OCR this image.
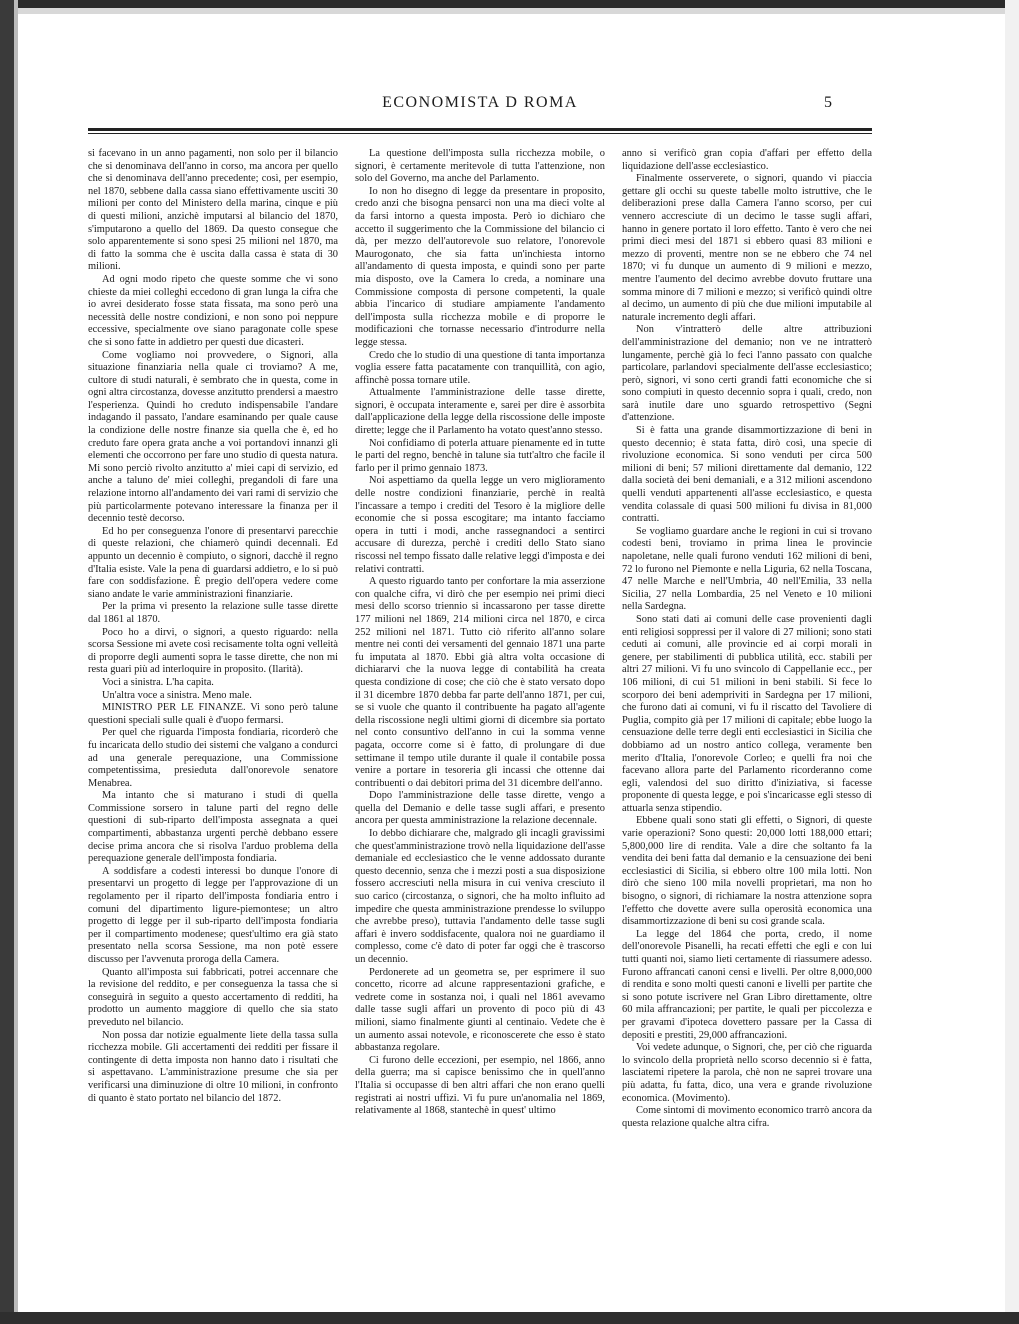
ECONOMISTA D ROMA	5

si facevano in un anno pagamenti, non solo per il bilancio che si denominava dell'anno in corso, ma ancora per quello che si denominava dell'anno precedente; così, per esempio, nel 1870, sebbene dalla cassa siano effettivamente usciti 30 milioni per conto del Ministero della marina, cinque e più di questi milioni, anzichè imputarsi al bilancio del 1870, s'imputarono a quello del 1869. Da questo consegue che solo apparentemente si sono spesi 25 milioni nel 1870, ma di fatto la somma che è uscita dalla cassa è stata di 30 milioni.

Ad ogni modo ripeto che queste somme che vi sono chieste da miei colleghi eccedono di gran lunga la cifra che io avrei desiderato fosse stata fissata, ma sono però una necessità delle nostre condizioni, e non sono poi neppure eccessive, specialmente ove siano paragonate colle spese che si sono fatte in addietro per questi due dicasteri.

Come vogliamo noi provvedere, o Signori, alla situazione finanziaria nella quale ci troviamo? A me, cultore di studi naturali, è sembrato che in questa, come in ogni altra circostanza, dovesse anzitutto prendersi a maestro l'esperienza. Quindi ho creduto indispensabile l'andare indagando il passato, l'andare esaminando per quale cause la condizione delle nostre finanze sia quella che è, ed ho creduto fare opera grata anche a voi portandovi innanzi gli elementi che occorrono per fare uno studio di questa natura. Mi sono perciò rivolto anzitutto a' miei capi di servizio, ed anche a taluno de' miei colleghi, pregandoli di fare una relazione intorno all'andamento dei vari rami di servizio che più particolarmente potevano interessare la finanza per il decennio testè decorso.

Ed ho per conseguenza l'onore di presentarvi parecchie di queste relazioni, che chiamerò quindi decennali. Ed appunto un decennio è compiuto, o signori, dacchè il regno d'Italia esiste. Vale la pena di guardarsi addietro, e lo si può fare con soddisfazione. È pregio dell'opera vedere come siano andate le varie amministrazioni finanziarie.

Per la prima vi presento la relazione sulle tasse dirette dal 1861 al 1870.

Poco ho a dirvi, o signori, a questo riguardo: nella scorsa Sessione mi avete così recisamente tolta ogni velleità di proporre degli aumenti sopra le tasse dirette, che non mi resta guari più ad interloquire in proposito. (Ilarità).

Voci a sinistra. L'ha capita.

Un'altra voce a sinistra. Meno male.

MINISTRO PER LE FINANZE. Vi sono però talune questioni speciali sulle quali è d'uopo fermarsi.

Per quel che riguarda l'imposta fondiaria, ricorderò che fu incaricata dello studio dei sistemi che valgano a condurci ad una generale perequazione, una Commissione competentissima, presieduta dall'onorevole senatore Menabrea.

Ma intanto che si maturano i studi di quella Commissione sorsero in talune parti del regno delle questioni di sub-riparto dell'imposta assegnata a quei compartimenti, abbastanza urgenti perchè debbano essere decise prima ancora che si risolva l'arduo problema della perequazione generale dell'imposta fondiaria.

A soddisfare a codesti interessi bo dunque l'onore di presentarvi un progetto di legge per l'approvazione di un regolamento per il riparto dell'imposta fondiaria entro i comuni del dipartimento ligure-piemontese; un altro progetto di legge per il sub-riparto dell'imposta fondiaria per il compartimento modenese; quest'ultimo era già stato presentato nella scorsa Sessione, ma non potè essere discusso per l'avvenuta proroga della Camera.

Quanto all'imposta sui fabbricati, potrei accennare che la revisione del reddito, e per conseguenza la tassa che si conseguirà in seguito a questo accertamento di redditi, ha prodotto un aumento maggiore di quello che sia stato preveduto nel bilancio.

Non possa dar notizie egualmente liete della tassa sulla ricchezza mobile. Gli accertamenti dei redditi per fissare il contingente di detta imposta non hanno dato i risultati che si aspettavano. L'amministrazione presume che sia per verificarsi una diminuzione di oltre 10 milioni, in confronto di quanto è stato portato nel bilancio del 1872.

La questione dell'imposta sulla ricchezza mobile, o signori, è certamente meritevole di tutta l'attenzione, non solo del Governo, ma anche del Parlamento.

Io non ho disegno di legge da presentare in proposito, credo anzi che bisogna pensarci non una ma dieci volte al da farsi intorno a questa imposta. Però io dichiaro che accetto il suggerimento che la Commissione del bilancio ci dà, per mezzo dell'autorevole suo relatore, l'onorevole Maurogonato, che sia fatta un'inchiesta intorno all'andamento di questa imposta, e quindi sono per parte mia disposto, ove la Camera lo creda, a nominare una Commissione composta di persone competenti, la quale abbia l'incarico di studiare ampiamente l'andamento dell'imposta sulla ricchezza mobile e di proporre le modificazioni che tornasse necessario d'introdurre nella legge stessa.

Credo che lo studio di una questione di tanta importanza voglia essere fatta pacatamente con tranquillità, con agio, affinchè possa tornare utile.

Attualmente l'amministrazione delle tasse dirette, signori, è occupata interamente e, sarei per dire è assorbita dall'applicazione della legge della riscossione delle imposte dirette; legge che il Parlamento ha votato quest'anno stesso.

Noi confidiamo di poterla attuare pienamente ed in tutte le parti del regno, benchè in talune sia tutt'altro che facile il farlo per il primo gennaio 1873.

Noi aspettiamo da quella legge un vero miglioramento delle nostre condizioni finanziarie, perchè in realtà l'incassare a tempo i crediti del Tesoro è la migliore delle economie che si possa escogitare; ma intanto facciamo opera in tutti i modi, anche rassegnandoci a sentirci accusare di durezza, perchè i crediti dello Stato siano riscossi nel tempo fissato dalle relative leggi d'imposta e dei relativi contratti.

A questo riguardo tanto per confortare la mia asserzione con qualche cifra, vi dirò che per esempio nei primi dieci mesi dello scorso triennio si incassarono per tasse dirette 177 milioni nel 1869, 214 milioni circa nel 1870, e circa 252 milioni nel 1871. Tutto ciò riferito all'anno solare mentre nei conti dei versamenti del gennaio 1871 una parte fu imputata al 1870. Ebbi già altra volta occasione di dichiararvi che la nuova legge di contabilità ha creata questa condizione di cose; che ciò che è stato versato dopo il 31 dicembre 1870 debba far parte dell'anno 1871, per cui, se si vuole che quanto il contribuente ha pagato all'agente della riscossione negli ultimi giorni di dicembre sia portato nel conto consuntivo dell'anno in cui la somma venne pagata, occorre come si è fatto, di prolungare di due settimane il tempo utile durante il quale il contabile possa venire a portare in tesoreria gli incassi che ottenne dai contribuenti o dai debitori prima del 31 dicembre dell'anno.

Dopo l'amministrazione delle tasse dirette, vengo a quella del Demanio e delle tasse sugli affari, e presento ancora per questa amministrazione la relazione decennale.

Io debbo dichiarare che, malgrado gli incagli gravissimi che quest'amministrazione trovò nella liquidazione dell'asse demaniale ed ecclesiastico che le venne addossato durante questo decennio, senza che i mezzi posti a sua disposizione fossero accresciuti nella misura in cui veniva cresciuto il suo carico (circostanza, o signori, che ha molto influito ad impedire che questa amministrazione prendesse lo sviluppo che avrebbe preso), tuttavia l'andamento delle tasse sugli affari è invero soddisfacente, qualora noi ne guardiamo il complesso, come c'è dato di poter far oggi che è trascorso un decennio.

Perdonerete ad un geometra se, per esprimere il suo concetto, ricorre ad alcune rappresentazioni grafiche, e vedrete come in sostanza noi, i quali nel 1861 avevamo dalle tasse sugli affari un provento di poco più di 43 milioni, siamo finalmente giunti al centinaio. Vedete che è un aumento assai notevole, e riconoscerete che esso è stato abbastanza regolare.

Ci furono delle eccezioni, per esempio, nel 1866, anno della guerra; ma si capisce benissimo che in quell'anno l'Italia si occupasse di ben altri affari che non erano quelli registrati ai nostri uffizi. Vi fu pure un'anomalia nel 1869, relativamente al 1868, stantechè in quest' ultimo

anno si verificò gran copia d'affari per effetto della liquidazione dell'asse ecclesiastico.

Finalmente osserverete, o signori, quando vi piaccia gettare gli occhi su queste tabelle molto istruttive, che le deliberazioni prese dalla Camera l'anno scorso, per cui vennero accresciute di un decimo le tasse sugli affari, hanno in genere portato il loro effetto. Tanto è vero che nei primi dieci mesi del 1871 si ebbero quasi 83 milioni e mezzo di proventi, mentre non se ne ebbero che 74 nel 1870; vi fu dunque un aumento di 9 milioni e mezzo, mentre l'aumento del decimo avrebbe dovuto fruttare una somma minore di 7 milioni e mezzo; si verificò quindi oltre al decimo, un aumento di più che due milioni imputabile al naturale incremento degli affari.

Non v'intratterò delle altre attribuzioni dell'amministrazione del demanio; non ve ne intratterò lungamente, perchè già lo feci l'anno passato con qualche particolare, parlandovi specialmente dell'asse ecclesiastico; però, signori, vi sono certi grandi fatti economiche che si sono compiuti in questo decennio sopra i quali, credo, non sarà inutile dare uno sguardo retrospettivo (Segni d'attenzione.

Si è fatta una grande disammortizzazione di beni in questo decennio; è stata fatta, dirò così, una specie di rivoluzione economica. Si sono venduti per circa 500 milioni di beni; 57 milioni direttamente dal demanio, 122 dalla società dei beni demaniali, e a 312 milioni ascendono quelli venduti appartenenti all'asse ecclesiastico, e questa vendita colassale di quasi 500 milioni fu divisa in 81,000 contratti.

Se vogliamo guardare anche le regioni in cui si trovano codesti beni, troviamo in prima linea le provincie napoletane, nelle quali furono venduti 162 milioni di beni, 72 lo furono nel Piemonte e nella Liguria, 62 nella Toscana, 47 nelle Marche e nell'Umbria, 40 nell'Emilia, 33 nella Sicilia, 27 nella Lombardia, 25 nel Veneto e 10 milioni nella Sardegna.

Sono stati dati ai comuni delle case provenienti dagli enti religiosi soppressi per il valore di 27 milioni; sono stati ceduti ai comuni, alle provincie ed ai corpi morali in genere, per stabilimenti di pubblica utilità, ecc. stabili per altri 27 milioni. Vi fu uno svincolo di Cappellanie ecc., per 106 milioni, di cui 51 milioni in beni stabili. Si fece lo scorporo dei beni adempriviti in Sardegna per 17 milioni, che furono dati ai comuni, vi fu il riscatto del Tavoliere di Puglia, compito già per 17 milioni di capitale; ebbe luogo la censuazione delle terre degli enti ecclesiastici in Sicilia che dobbiamo ad un nostro antico collega, veramente ben merito d'Italia, l'onorevole Corleo; e quelli fra noi che facevano allora parte del Parlamento ricorderanno come egli, valendosi del suo diritto d'iniziativa, si facesse proponente di questa legge, e poi s'incaricasse egli stesso di attuarla senza stipendio.

Ebbene quali sono stati gli effetti, o Signori, di queste varie operazioni? Sono questi: 20,000 lotti 188,000 ettari; 5,800,000 lire di rendita. Vale a dire che soltanto fa la vendita dei beni fatta dal demanio e la censuazione dei beni ecclesiastici di Sicilia, si ebbero oltre 100 mila lotti. Non dirò che sieno 100 mila novelli proprietari, ma non ho bisogno, o signori, di richiamare la nostra attenzione sopra l'effetto che dovette avere sulla operosità economica una disammortizzazione di beni su così grande scala.

La legge del 1864 che porta, credo, il nome dell'onorevole Pisanelli, ha recati effetti che egli e con lui tutti quanti noi, siamo lieti certamente di riassumere adesso. Furono affrancati canoni censi e livelli. Per oltre 8,000,000 di rendita e sono molti questi canoni e livelli per partite che si sono potute iscrivere nel Gran Libro direttamente, oltre 60 mila affrancazioni; per partite, le quali per piccolezza e per gravami d'ipoteca dovettero passare per la Cassa di depositi e prestiti, 29,000 affrancazioni.

Voi vedete adunque, o Signori, che, per ciò che riguarda lo svincolo della proprietà nello scorso decennio si è fatta, lasciatemi ripetere la parola, chè non ne saprei trovare una più adatta, fu fatta, dico, una vera e grande rivoluzione economica. (Movimento).

Come sintomi di movimento economico trarrò ancora da questa relazione qualche altra cifra.
